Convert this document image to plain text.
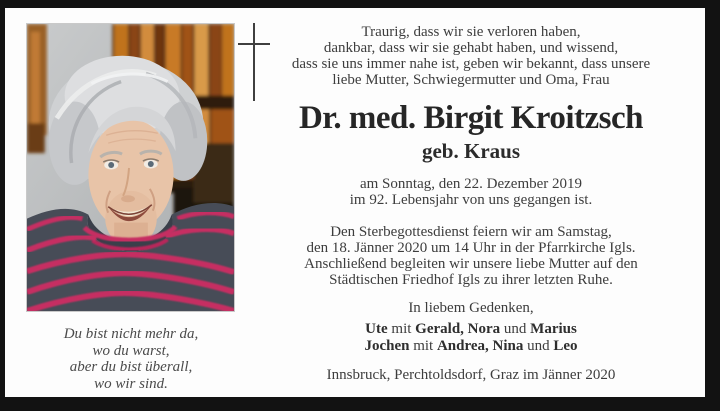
Du bist nicht mehr da,
wo du warst,
aber du bist überall,
wo wir sind.
Traurig, dass wir sie verloren haben,
dankbar, dass wir sie gehabt haben, und wissend,
dass sie uns immer nahe ist, geben wir bekannt, dass unsere
liebe Mutter, Schwiegermutter und Oma, Frau
Dr. med. Birgit Kroitzsch
geb. Kraus
am Sonntag, den 22. Dezember 2019
im 92. Lebensjahr von uns gegangen ist.
Den Sterbegottesdienst feiern wir am Samstag,
den 18. Jänner 2020 um 14 Uhr in der Pfarrkirche Igls.
Anschließend begleiten wir unsere liebe Mutter auf den
Städtischen Friedhof Igls zu ihrer letzten Ruhe.
In liebem Gedenken,
Ute mit Gerald, Nora und Marius
Jochen mit Andrea, Nina und Leo
Innsbruck, Perchtoldsdorf, Graz im Jänner 2020
